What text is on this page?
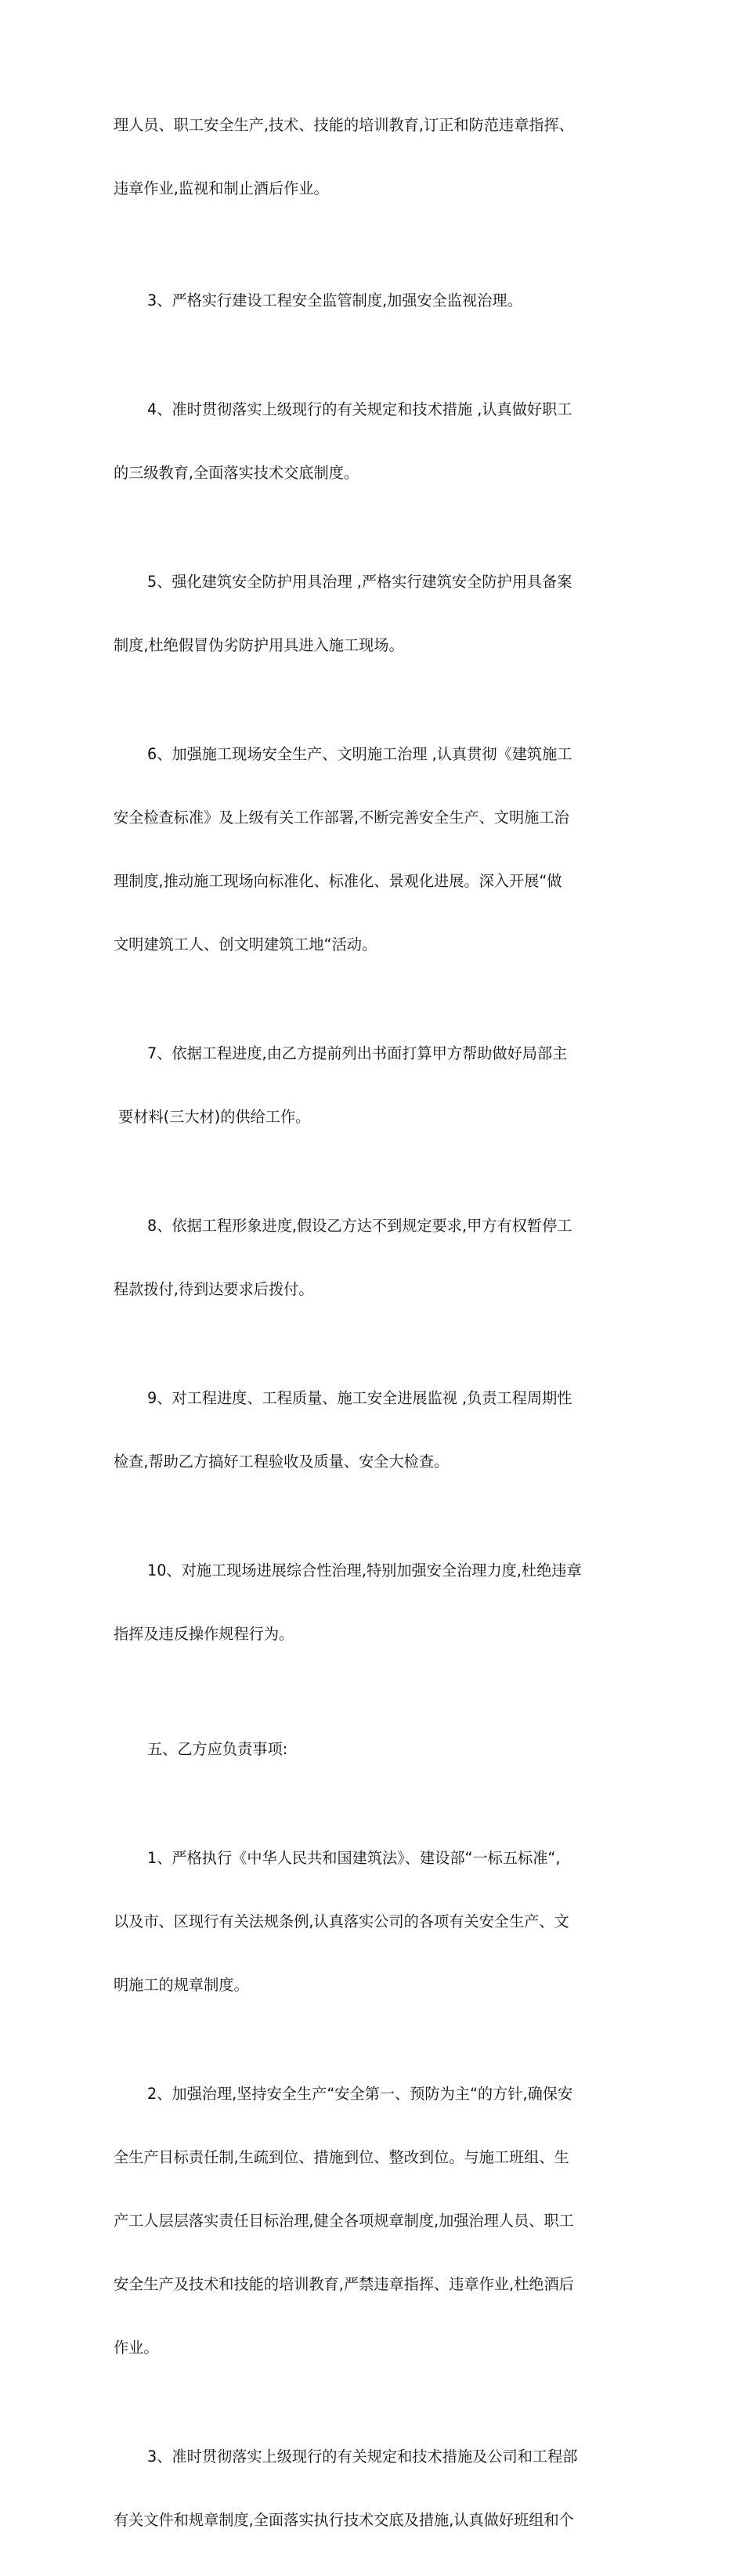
理人员、职工安全生产,技术、技能的培训教育,订正和防范违章指挥、

违章作业,监视和制止酒后作业。

3、严格实行建设工程安全监管制度,加强安全监视治理。

4、准时贯彻落实上级现行的有关规定和技术措施 ,认真做好职工

的三级教育,全面落实技术交底制度。

5、强化建筑安全防护用具治理 ,严格实行建筑安全防护用具备案

制度,杜绝假冒伪劣防护用具进入施工现场。

6、加强施工现场安全生产、文明施工治理 ,认真贯彻《建筑施工

安全检查标准》及上级有关工作部署,不断完善安全生产、文明施工治

理制度,推动施工现场向标准化、标准化、景观化进展。深入开展“做

文明建筑工人、创文明建筑工地“活动。

7、依据工程进度,由乙方提前列出书面打算甲方帮助做好局部主

要材料(三大材)的供给工作。

8、依据工程形象进度,假设乙方达不到规定要求,甲方有权暂停工

程款拨付,待到达要求后拨付。

9、对工程进度、工程质量、施工安全进展监视 ,负责工程周期性

检查,帮助乙方搞好工程验收及质量、安全大检查。

10、对施工现场进展综合性治理,特别加强安全治理力度,杜绝违章

指挥及违反操作规程行为。

五、乙方应负责事项:

1、严格执行《中华人民共和国建筑法》、建设部“一标五标准“,

以及市、区现行有关法规条例,认真落实公司的各项有关安全生产、文

明施工的规章制度。

2、加强治理,坚持安全生产“安全第一、预防为主“的方针,确保安

全生产目标责任制,生疏到位、措施到位、整改到位。与施工班组、生

产工人层层落实责任目标治理,健全各项规章制度,加强治理人员、职工

安全生产及技术和技能的培训教育,严禁违章指挥、违章作业,杜绝酒后

作业。

3、准时贯彻落实上级现行的有关规定和技术措施及公司和工程部

有关文件和规章制度,全面落实执行技术交底及措施,认真做好班组和个
